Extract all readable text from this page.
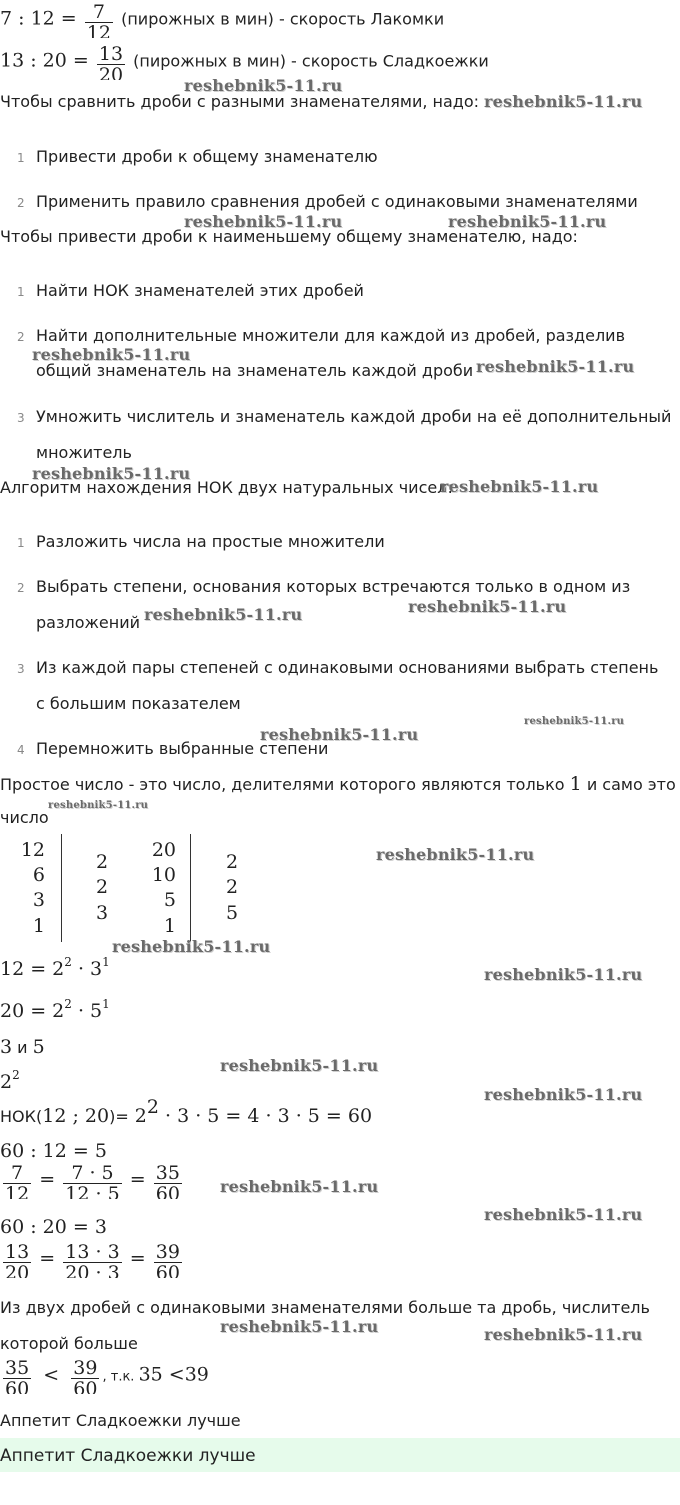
7 : $12 = \frac{7}{12}$ (пирожных в мин) - скорость Лакомки
13 : $20 = \frac{13}{20}$ (пирожных в мин) - скорость Сладкоежки
Чтобы сравнить дроби с разными знаменателями, надо:
1 Привести дроби к общему знаменателю
2 Применить правило сравнения дробей с одинаковыми знаменателями
Чтобы привести дроби к наименьшему общему знаменателю, надо:
1 Найти НОК знаменателей этих дробей
2 Найти дополнительные множители для каждой из дробей, разделив
общий знаменатель на знаменатель каждой дроби
3 Умножить числитель и знаменатель каждой дроби на её дополнительный
множитель
Алгоритм нахождения НОК двух натуральных чисел:
1 Разложить числа на простые множители
2 Выбрать степени, основания которых встречаются только в одном из
разложений
3 Из каждой пары степеней с одинаковыми основаниями выбрать степень
с большим показателем
4 Перемножить выбранные степени
Простое число - это число, делителями которого являются только 1 и само это
число
12
6
3
1
2
2
3
20
10
5
1
2
2
5
$12 = 2^2 \cdot 3^1$
$20 = 2^2 \cdot 5^1$
3 и 5
$2^2$
НОК(12 ; $20)= 2^2 \cdot 3 \cdot 5 = 4 \cdot 3 \cdot 5 = 60$
60 : 12 = 5
$\frac{7}{12} = \frac{7 \cdot 5}{12 \cdot 5} = \frac{35}{60}$
60 : 20 = 3
$\frac{13}{20} = \frac{13 \cdot 3}{20 \cdot 3} = \frac{39}{60}$
Из двух дробей с одинаковыми знаменателями больше та дробь, числитель
которой больше
$\frac{35}{60} < \frac{39}{60}$ , т.к. 35 <39
Аппетит Сладкоежки лучше
Аппетит Сладкоежки лучше
reshebnik5-11.ru
reshebnik5-11.ru
reshebnik5-11.ru	reshebnik5-11.ru
reshebnik5-11.ru
reshebnik5-11.ru
reshebnik5-11.ru
reshebnik5-11.ru
reshebnik5-11.ru
reshebnik5-11.ru
reshebnik5-11.ru
reshebnik5-11.ru
reshebnik5-11.ru
reshebnik5-11.ru
reshebnik5-11.ru
reshebnik5-11.ru
reshebnik5-11.ru
reshebnik5-11.ru
reshebnik5-11.ru
reshebnik5-11.ru
reshebnik5-11.ru	reshebnik5-11.ru
